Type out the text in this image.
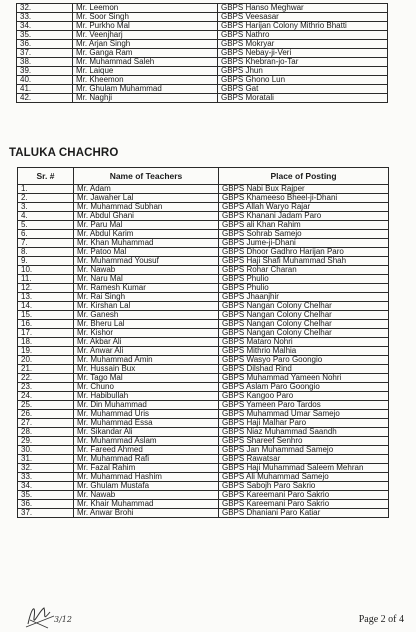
32.	Mr. Leemon	GBPS Hanso Meghwar
33.	Mr. Soor Singh	GBPS Veesasar
34.	Mr. Purkho Mal	GBPS Harijan Colony Mithrio Bhatti
35.	Mr. Veenjharj	GBPS Nathro
36.	Mr. Arjan Singh	GBPS Mokryar
37.	Mr. Ganga Ram	GBPS Nebay-ji-Veri
38.	Mr. Muhammad Saleh	GBPS Khebran-jo-Tar
39.	Mr. Laique	GBPS Jhun
40.	Mr. Kheemon	GBPS Ghono Lun
41.	Mr. Ghulam Muhammad	GBPS Gat
42.	Mr. Naghji	GBPS Moratali
TALUKA CHACHRO
Sr. #	Name of Teachers	Place of Posting
1.	Mr. Adam	GBPS Nabi Bux Rajper
2.	Mr. Jawaher Lal	GBPS Khameeso Bheel-ji-Dhani
3.	Mr. Muhammad Subhan	GBPS Allah Waryo Rajar
4.	Mr. Abdul Ghani	GBPS Khanani Jadam Paro
5.	Mr. Paru Mal	GBPS ali Khan Rahim
6.	Mr. Abdul Karim	GBPS Sohrab Samejo
7.	Mr. Khan Muhammad	GBPS Jume-ji-Dhani
8.	Mr. Patoo Mal	GBPS Dhoor Gadhro Harijan Paro
9.	Mr. Muhammad Yousuf	GBPS Haji Shafi Muhammad Shah
10.	Mr. Nawab	GBPS Rohar Charan
11.	Mr. Naru Mal	GBPS Phulio
12.	Mr. Ramesh Kumar	GBPS Phulio
13.	Mr. Rai Singh	GBPS Jhaanjhir
14.	Mr. Kirshan Lal	GBPS Nangan Colony Chelhar
15.	Mr. Ganesh	GBPS Nangan Colony Chelhar
16.	Mr. Bheru Lal	GBPS Nangan Colony Chelhar
17.	Mr. Kishor	GBPS Nangan Colony Chelhar
18.	Mr. Akbar Ali	GBPS Mataro Nohri
19.	Mr. Anwar Ali	GBPS Mithrio Malhia
20.	Mr. Muhammad Amin	GBPS Wasyo Paro Goongio
21.	Mr. Hussain Bux	GBPS Dilshad Rind
22.	Mr. Tago Mal	GBPS Muhammad Yameen Nohri
23.	Mr. Chuno	GBPS Aslam Paro Goongio
24.	Mr. Habibullah	GBPS Kangoo Paro
25.	Mr. Din Muhammad	GBPS Yameen Paro Tardos
26.	Mr. Muhammad Uris	GBPS Muhammad Umar Samejo
27.	Mr. Muhammad Essa	GBPS Haji Malhar Paro
28.	Mr. Sikandar Ali	GBPS Niaz Muhammad Saandh
29.	Mr. Muhammad Aslam	GBPS Shareef Senhro
30.	Mr. Fareed Ahmed	GBPS Jan Muhammad Samejo
31.	Mr. Muhammad Rafi	GBPS Rawatsar
32.	Mr. Fazal Rahim	GBPS Haji Muhammad Saleem Mehran
33.	Mr. Muhammad Hashim	GBPS Ali Muhammad Samejo
34.	Mr. Ghulam Mustafa	GBPS Sabojh Paro Sakrio
35.	Mr. Nawab	GBPS Kareemani Paro Sakrio
36.	Mr. Khair Muhammad	GBPS Kareemani Paro Sakrio
37.	Mr. Anwar Brohi	GBPS Dhaniani Paro Katiar
3/12	Page 2 of 4
